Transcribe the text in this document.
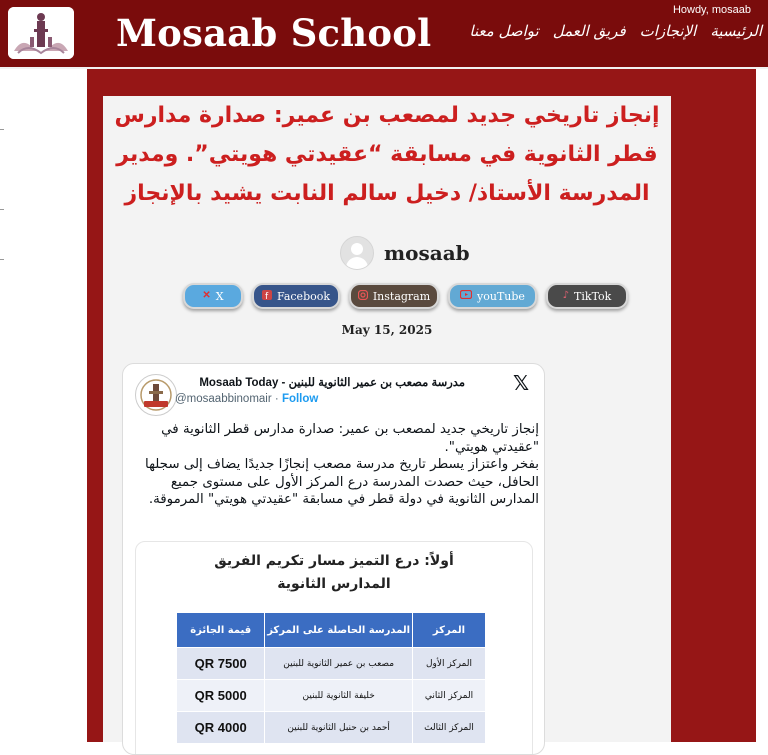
Mosaab School
Howdy, mosaab
الرئيسية
الإنجازات
فريق العمل
تواصل معنا
إنجاز تاريخي جديد لمصعب بن عمير: صدارة مدارس قطر الثانوية في مسابقة “عقيدتي هويتي”. ومدير المدرسة الأستاذ/ دخيل سالم النابت يشيد بالإنجاز
mosaab
✕ X	f Facebook	Instagram	youTube	♪ TikTok
May 15, 2025
مدرسة مصعب بن عمير الثانوية للبنين - Mosaab Today
@mosaabbinomair · Follow
𝕏

إنجاز تاريخي جديد لمصعب بن عمير: صدارة مدارس قطر الثانوية في "عقيدتي هويتي".

بفخر واعتزاز يسطر تاريخ مدرسة مصعب إنجازًا جديدًا يضاف إلى سجلها الحافل، حيث حصدت المدرسة درع المركز الأول على مستوى جميع المدارس الثانوية في دولة قطر في مسابقة "عقيدتي هويتي" المرموقة.

أولاً: درع التميز مسار تكريم الفريق
المدارس الثانوية
المركز	المدرسة الحاصلة على المركز	قيمة الجائزة
المركز الأول	مصعب بن عمير الثانوية للبنين	QR 7500
المركز الثاني	خليفة الثانوية للبنين	QR 5000
المركز الثالث	أحمد بن حنبل الثانوية للبنين	QR 4000
